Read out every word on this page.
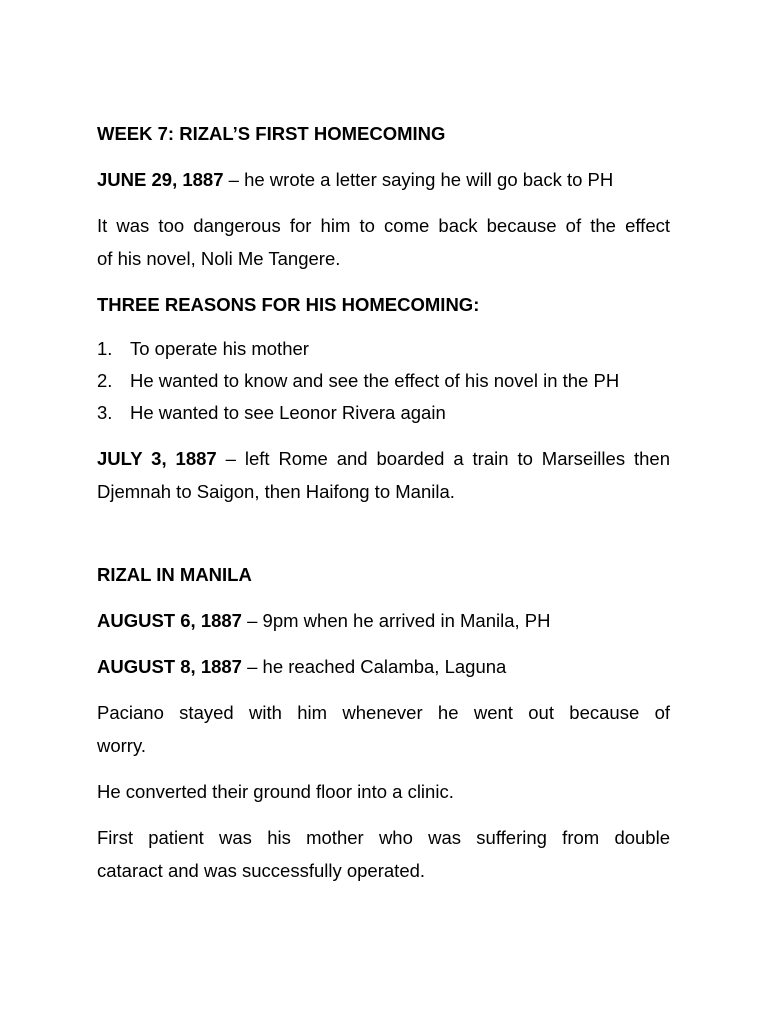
WEEK 7: RIZAL’S FIRST HOMECOMING

JUNE 29, 1887 – he wrote a letter saying he will go back to PH

It was too dangerous for him to come back because of the effect

of his novel, Noli Me Tangere.

THREE REASONS FOR HIS HOMECOMING:

1. To operate his mother

2. He wanted to know and see the effect of his novel in the PH

3. He wanted to see Leonor Rivera again

JULY 3, 1887 – left Rome and boarded a train to Marseilles then

Djemnah to Saigon, then Haifong to Manila.

RIZAL IN MANILA

AUGUST 6, 1887 – 9pm when he arrived in Manila, PH

AUGUST 8, 1887 – he reached Calamba, Laguna

Paciano stayed with him whenever he went out because of

worry.

He converted their ground floor into a clinic.

First patient was his mother who was suffering from double

cataract and was successfully operated.
